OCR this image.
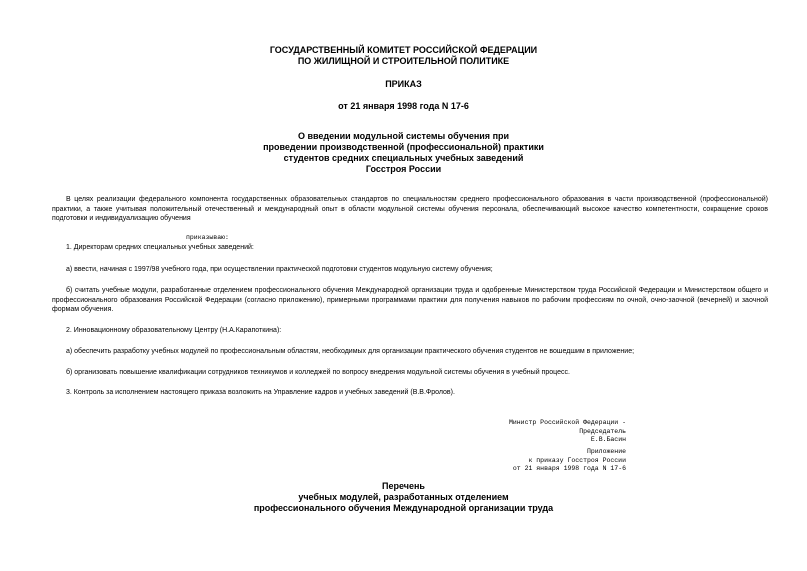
ГОСУДАРСТВЕННЫЙ КОМИТЕТ РОССИЙСКОЙ ФЕДЕРАЦИИ
ПО ЖИЛИЩНОЙ И СТРОИТЕЛЬНОЙ ПОЛИТИКЕ
ПРИКАЗ
от 21 января 1998 года N 17-6
О введении модульной системы обучения при
проведении производственной (профессиональной) практики
студентов средних специальных учебных заведений
Госстроя России
В целях реализации федерального компонента государственных образовательных стандартов по специальностям среднего профессионального образования в части производственной (профессиональной) практики, а также учитывая положительный отечественный и международный опыт в области модульной системы обучения персонала, обеспечивающий высокое качество компетентности, сокращение сроков подготовки и индивидуализацию обучения
приказываю:
1. Директорам средних специальных учебных заведений:
а) ввести, начиная с 1997/98 учебного года, при осуществлении практической подготовки студентов модульную систему обучения;
б) считать учебные модули, разработанные отделением профессионального обучения Международной организации труда и одобренные Министерством труда Российской Федерации и Министерством общего и профессионального образования Российской Федерации (согласно приложению), примерными программами практики для получения навыков по рабочим профессиям по очной, очно-заочной (вечерней) и заочной формам обучения.
2. Инновационному образовательному Центру (Н.А.Карапоткина):
а) обеспечить разработку учебных модулей по профессиональным областям, необходимых для организации практического обучения студентов не вошедшим в приложение;
б) организовать повышение квалификации сотрудников техникумов и колледжей по вопросу внедрения модульной системы обучения в учебный процесс.
3. Контроль за исполнением настоящего приказа возложить на Управление кадров и учебных заведений (В.В.Фролов).
Министр Российской Федерации -
Председатель
Е.В.Басин
Приложение
к приказу Госстроя России
от 21 января 1998 года N 17-6
Перечень
учебных модулей, разработанных отделением
профессионального обучения Международной организации труда
